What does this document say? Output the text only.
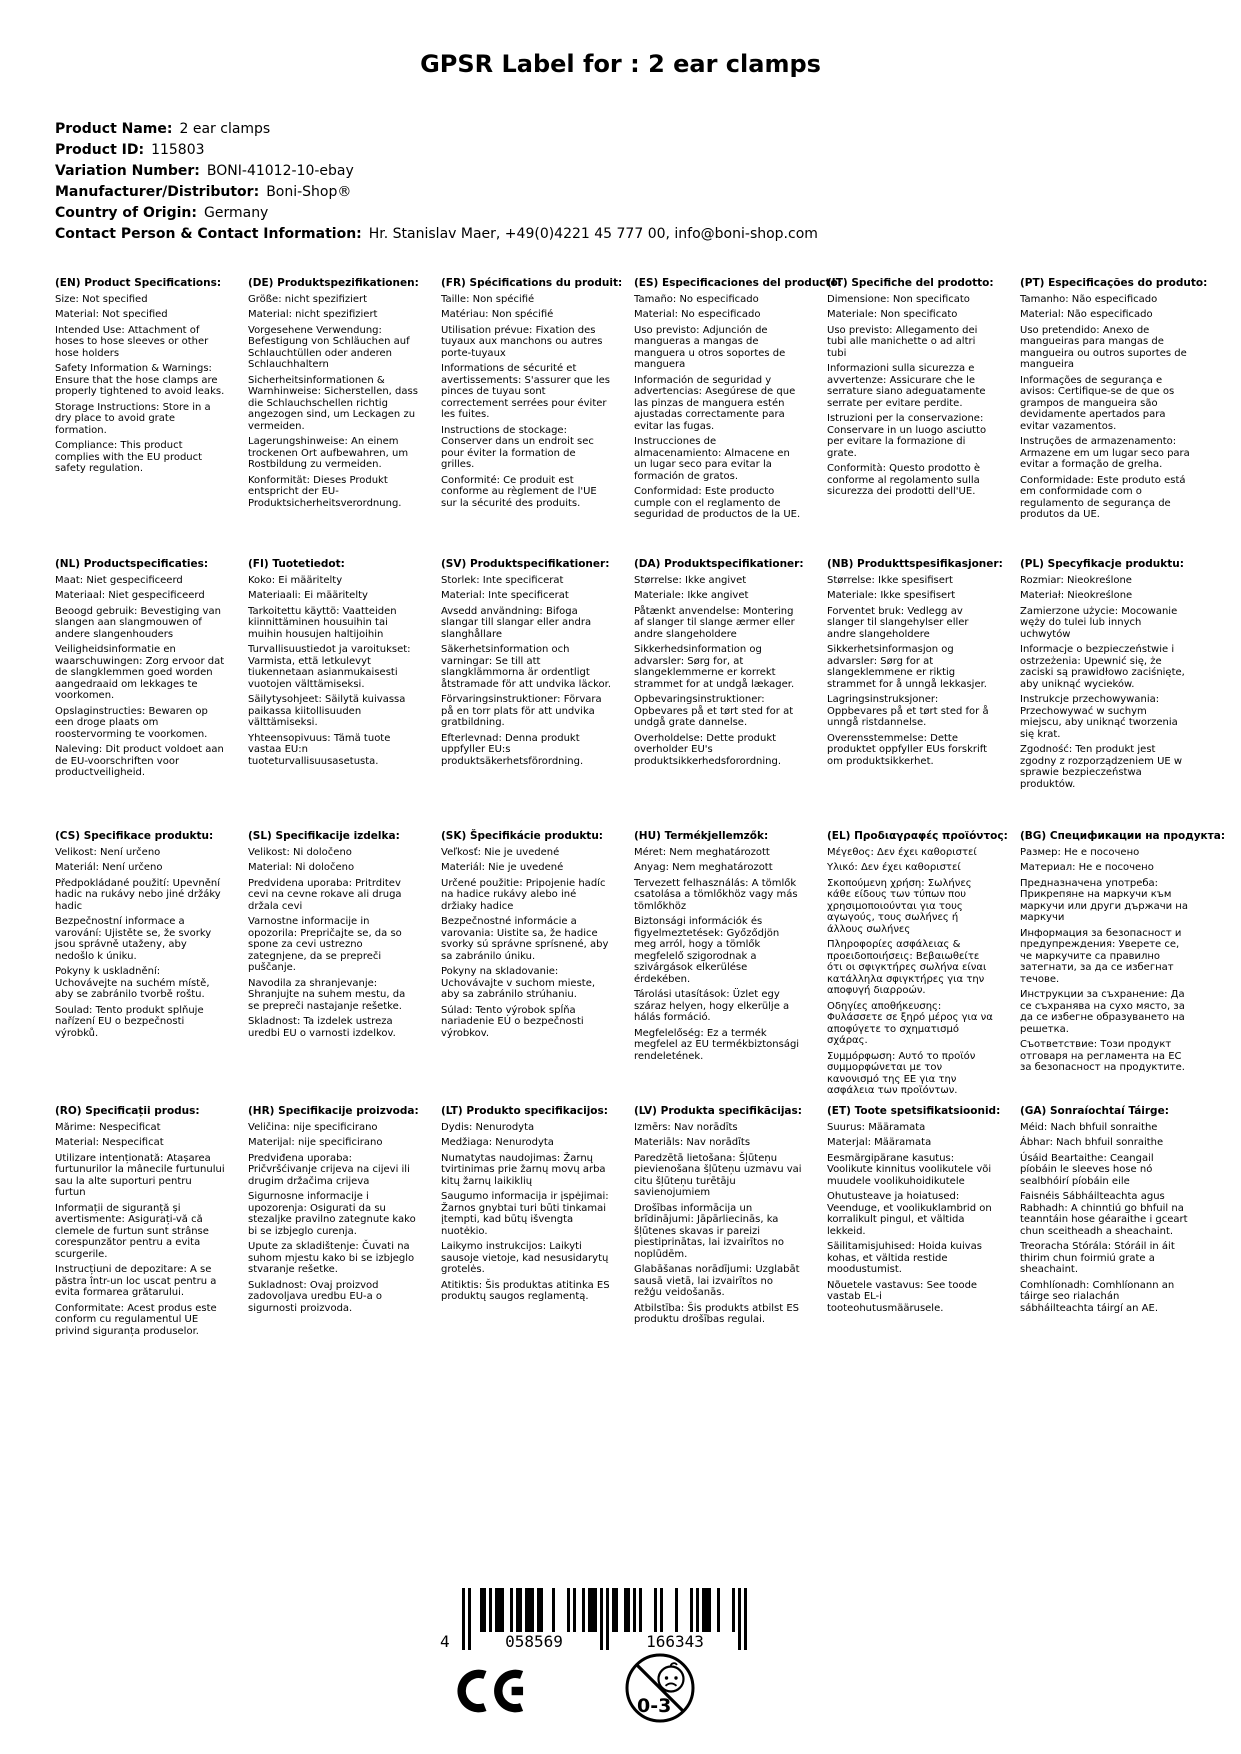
GPSR Label for : 2 ear clamps
Product Name: 2 ear clamps
Product ID: 115803
Variation Number: BONI-41012-10-ebay
Manufacturer/Distributor: Boni-Shop®
Country of Origin: Germany
Contact Person & Contact Information: Hr. Stanislav Maer, +49(0)4221 45 777 00, info@boni-shop.com
(EN) Product Specifications:

Size: Not specified

Material: Not specified

Intended Use: Attachment of hoses to hose sleeves or other hose holders

Safety Information & Warnings: Ensure that the hose clamps are properly tightened to avoid leaks.

Storage Instructions: Store in a dry place to avoid grate formation.

Compliance: This product complies with the EU product safety regulation.

(DE) Produktspezifikationen:

Größe: nicht spezifiziert

Material: nicht spezifiziert

Vorgesehene Verwendung: Befestigung von Schläuchen auf Schlauchtüllen oder anderen Schlauchhaltern

Sicherheitsinformationen & Warnhinweise: Sicherstellen, dass die Schlauchschellen richtig angezogen sind, um Leckagen zu vermeiden.

Lagerungshinweise: An einem trockenen Ort aufbewahren, um Rostbildung zu vermeiden.

Konformität: Dieses Produkt entspricht der EU-Produktsicherheitsverordnung.

(FR) Spécifications du produit:

Taille: Non spécifié

Matériau: Non spécifié

Utilisation prévue: Fixation des tuyaux aux manchons ou autres porte-tuyaux

Informations de sécurité et avertissements: S'assurer que les pinces de tuyau sont correctement serrées pour éviter les fuites.

Instructions de stockage: Conserver dans un endroit sec pour éviter la formation de grilles.

Conformité: Ce produit est conforme au règlement de l'UE sur la sécurité des produits.

(ES) Especificaciones del producto:

Tamaño: No especificado

Material: No especificado

Uso previsto: Adjunción de mangueras a mangas de manguera u otros soportes de manguera

Información de seguridad y advertencias: Asegúrese de que las pinzas de manguera estén ajustadas correctamente para evitar las fugas.

Instrucciones de almacenamiento: Almacene en un lugar seco para evitar la formación de gratos.

Conformidad: Este producto cumple con el reglamento de seguridad de productos de la UE.

(IT) Specifiche del prodotto:

Dimensione: Non specificato

Materiale: Non specificato

Uso previsto: Allegamento dei tubi alle manichette o ad altri tubi

Informazioni sulla sicurezza e avvertenze: Assicurare che le serrature siano adeguatamente serrate per evitare perdite.

Istruzioni per la conservazione: Conservare in un luogo asciutto per evitare la formazione di grate.

Conformità: Questo prodotto è conforme al regolamento sulla sicurezza dei prodotti dell'UE.

(PT) Especificações do produto:

Tamanho: Não especificado

Material: Não especificado

Uso pretendido: Anexo de mangueiras para mangas de mangueira ou outros suportes de mangueira

Informações de segurança e avisos: Certifique-se de que os grampos de mangueira são devidamente apertados para evitar vazamentos.

Instruções de armazenamento: Armazene em um lugar seco para evitar a formação de grelha.

Conformidade: Este produto está em conformidade com o regulamento de segurança de produtos da UE.

(NL) Productspecificaties:

Maat: Niet gespecificeerd

Materiaal: Niet gespecificeerd

Beoogd gebruik: Bevestiging van slangen aan slangmouwen of andere slangenhouders

Veiligheidsinformatie en waarschuwingen: Zorg ervoor dat de slangklemmen goed worden aangedraaid om lekkages te voorkomen.

Opslaginstructies: Bewaren op een droge plaats om roostervorming te voorkomen.

Naleving: Dit product voldoet aan de EU-voorschriften voor productveiligheid.

(FI) Tuotetiedot:

Koko: Ei määritelty

Materiaali: Ei määritelty

Tarkoitettu käyttö: Vaatteiden kiinnittäminen housuihin tai muihin housujen haltijoihin

Turvallisuustiedot ja varoitukset: Varmista, että letkulevyt tiukennetaan asianmukaisesti vuotojen välttämiseksi.

Säilytysohjeet: Säilytä kuivassa paikassa kiitollisuuden välttämiseksi.

Yhteensopivuus: Tämä tuote vastaa EU:n tuoteturvallisuusasetusta.

(SV) Produktspecifikationer:

Storlek: Inte specificerat

Material: Inte specificerat

Avsedd användning: Bifoga slangar till slangar eller andra slanghållare

Säkerhetsinformation och varningar: Se till att slangklämmorna är ordentligt åtstramade för att undvika läckor.

Förvaringsinstruktioner: Förvara på en torr plats för att undvika gratbildning.

Efterlevnad: Denna produkt uppfyller EU:s produktsäkerhetsförordning.

(DA) Produktspecifikationer:

Størrelse: Ikke angivet

Materiale: Ikke angivet

Påtænkt anvendelse: Montering af slanger til slange ærmer eller andre slangeholdere

Sikkerhedsinformation og advarsler: Sørg for, at slangeklemmerne er korrekt strammet for at undgå lækager.

Opbevaringsinstruktioner: Opbevares på et tørt sted for at undgå grate dannelse.

Overholdelse: Dette produkt overholder EU's produktsikkerhedsforordning.

(NB) Produkttspesifikasjoner:

Størrelse: Ikke spesifisert

Materiale: Ikke spesifisert

Forventet bruk: Vedlegg av slanger til slangehylser eller andre slangeholdere

Sikkerhetsinformasjon og advarsler: Sørg for at slangeklemmene er riktig strammet for å unngå lekkasjer.

Lagringsinstruksjoner: Oppbevares på et tørt sted for å unngå ristdannelse.

Overensstemmelse: Dette produktet oppfyller EUs forskrift om produktsikkerhet.

(PL) Specyfikacje produktu:

Rozmiar: Nieokreślone

Materiał: Nieokreślone

Zamierzone użycie: Mocowanie węży do tulei lub innych uchwytów

Informacje o bezpieczeństwie i ostrzeżenia: Upewnić się, że zaciski są prawidłowo zaciśnięte, aby uniknąć wycieków.

Instrukcje przechowywania: Przechowywać w suchym miejscu, aby uniknąć tworzenia się krat.

Zgodność: Ten produkt jest zgodny z rozporządzeniem UE w sprawie bezpieczeństwa produktów.

(CS) Specifikace produktu:

Velikost: Není určeno

Materiál: Není určeno

Předpokládané použití: Upevnění hadic na rukávy nebo jiné držáky hadic

Bezpečnostní informace a varování: Ujistěte se, že svorky jsou správně utaženy, aby nedošlo k úniku.

Pokyny k uskladnění: Uchovávejte na suchém místě, aby se zabránilo tvorbě roštu.

Soulad: Tento produkt splňuje nařízení EU o bezpečnosti výrobků.

(SL) Specifikacije izdelka:

Velikost: Ni določeno

Material: Ni določeno

Predvidena uporaba: Pritrditev cevi na cevne rokave ali druga držala cevi

Varnostne informacije in opozorila: Prepričajte se, da so spone za cevi ustrezno zategnjene, da se prepreči puščanje.

Navodila za shranjevanje: Shranjujte na suhem mestu, da se prepreči nastajanje rešetke.

Skladnost: Ta izdelek ustreza uredbi EU o varnosti izdelkov.

(SK) Špecifikácie produktu:

Veľkosť: Nie je uvedené

Materiál: Nie je uvedené

Určené použitie: Pripojenie hadíc na hadice rukávy alebo iné držiaky hadice

Bezpečnostné informácie a varovania: Uistite sa, že hadice svorky sú správne sprísnené, aby sa zabránilo úniku.

Pokyny na skladovanie: Uchovávajte v suchom mieste, aby sa zabránilo strúhaniu.

Súlad: Tento výrobok spĺňa nariadenie EÚ o bezpečnosti výrobkov.

(HU) Termékjellemzők:

Méret: Nem meghatározott

Anyag: Nem meghatározott

Tervezett felhasználás: A tömlők csatolása a tömlőkhöz vagy más tömlőkhöz

Biztonsági információk és figyelmeztetések: Győződjön meg arról, hogy a tömlők megfelelő szigorodnak a szivárgások elkerülése érdekében.

Tárolási utasítások: Üzlet egy száraz helyen, hogy elkerülje a hálás formáció.

Megfelelőség: Ez a termék megfelel az EU termékbiztonsági rendeletének.

(EL) Προδιαγραφές προϊόντος:

Μέγεθος: Δεν έχει καθοριστεί

Υλικό: Δεν έχει καθοριστεί

Σκοπούμενη χρήση: Σωλήνες κάθε είδους των τύπων που χρησιμοποιούνται για τους αγωγούς, τους σωλήνες ή άλλους σωλήνες

Πληροφορίες ασφάλειας & προειδοποιήσεις: Βεβαιωθείτε ότι οι σφιγκτήρες σωλήνα είναι κατάλληλα σφιγκτήρες για την αποφυγή διαρροών.

Οδηγίες αποθήκευσης: Φυλάσσετε σε ξηρό μέρος για να αποφύγετε το σχηματισμό σχάρας.

Συμμόρφωση: Αυτό το προϊόν συμμορφώνεται με τον κανονισμό της ΕΕ για την ασφάλεια των προϊόντων.

(BG) Спецификации на продукта:

Размер: Не е посочено

Материал: Не е посочено

Предназначена употреба: Прикрепяне на маркучи към маркучи или други държачи на маркучи

Информация за безопасност и предупреждения: Уверете се, че маркучите са правилно затегнати, за да се избегнат течове.

Инструкции за съхранение: Да се съхранява на сухо място, за да се избегне образуването на решетка.

Съответствие: Този продукт отговаря на регламента на ЕС за безопасност на продуктите.

(RO) Specificații produs:

Mărime: Nespecificat

Material: Nespecificat

Utilizare intenționată: Atașarea furtunurilor la mânecile furtunului sau la alte suporturi pentru furtun

Informații de siguranță și avertismente: Asigurați-vă că clemele de furtun sunt strânse corespunzător pentru a evita scurgerile.

Instrucțiuni de depozitare: A se păstra într-un loc uscat pentru a evita formarea grătarului.

Conformitate: Acest produs este conform cu regulamentul UE privind siguranța produselor.

(HR) Specifikacije proizvoda:

Veličina: nije specificirano

Materijal: nije specificirano

Predviđena uporaba: Pričvršćivanje crijeva na cijevi ili drugim držačima crijeva

Sigurnosne informacije i upozorenja: Osigurati da su stezaljke pravilno zategnute kako bi se izbjeglo curenja.

Upute za skladištenje: Čuvati na suhom mjestu kako bi se izbjeglo stvaranje rešetke.

Sukladnost: Ovaj proizvod zadovoljava uredbu EU-a o sigurnosti proizvoda.

(LT) Produkto specifikacijos:

Dydis: Nenurodyta

Medžiaga: Nenurodyta

Numatytas naudojimas: Žarnų tvirtinimas prie žarnų movų arba kitų žarnų laikiklių

Saugumo informacija ir įspėjimai: Žarnos gnybtai turi būti tinkamai įtempti, kad būtų išvengta nuotėkio.

Laikymo instrukcijos: Laikyti sausoje vietoje, kad nesusidarytų grotelės.

Atitiktis: Šis produktas atitinka ES produktų saugos reglamentą.

(LV) Produkta specifikācijas:

Izmērs: Nav norādīts

Materiāls: Nav norādīts

Paredzētā lietošana: Šļūteņu pievienošana šļūteņu uzmavu vai citu šļūteņu turētāju savienojumiem

Drošības informācija un brīdinājumi: Jāpārliecinās, ka šļūtenes skavas ir pareizi piestiprinātas, lai izvairītos no noplūdēm.

Glabāšanas norādījumi: Uzglabāt sausā vietā, lai izvairītos no režģu veidošanās.

Atbilstība: Šis produkts atbilst ES produktu drošības regulai.

(ET) Toote spetsifikatsioonid:

Suurus: Määramata

Materjal: Määramata

Eesmärgipärane kasutus: Voolikute kinnitus voolikutele või muudele voolikuhoidikutele

Ohutusteave ja hoiatused: Veenduge, et voolikuklambrid on korralikult pingul, et vältida lekkeid.

Säilitamisjuhised: Hoida kuivas kohas, et vältida restide moodustumist.

Nõuetele vastavus: See toode vastab EL-i tooteohutusmäärusele.

(GA) Sonraíochtaí Táirge:

Méid: Nach bhfuil sonraithe

Ábhar: Nach bhfuil sonraithe

Úsáid Beartaithe: Ceangail píobáin le sleeves hose nó sealbhóirí píobáin eile

Faisnéis Sábháilteachta agus Rabhadh: A chinntiú go bhfuil na teanntáin hose géaraithe i gceart chun sceitheadh a sheachaint.

Treoracha Stórála: Stóráil in áit thirim chun foirmiú grate a sheachaint.

Comhlíonadh: Comhlíonann an táirge seo rialachán sábháilteachta táirgí an AE.

4	058569	166343
0-3
